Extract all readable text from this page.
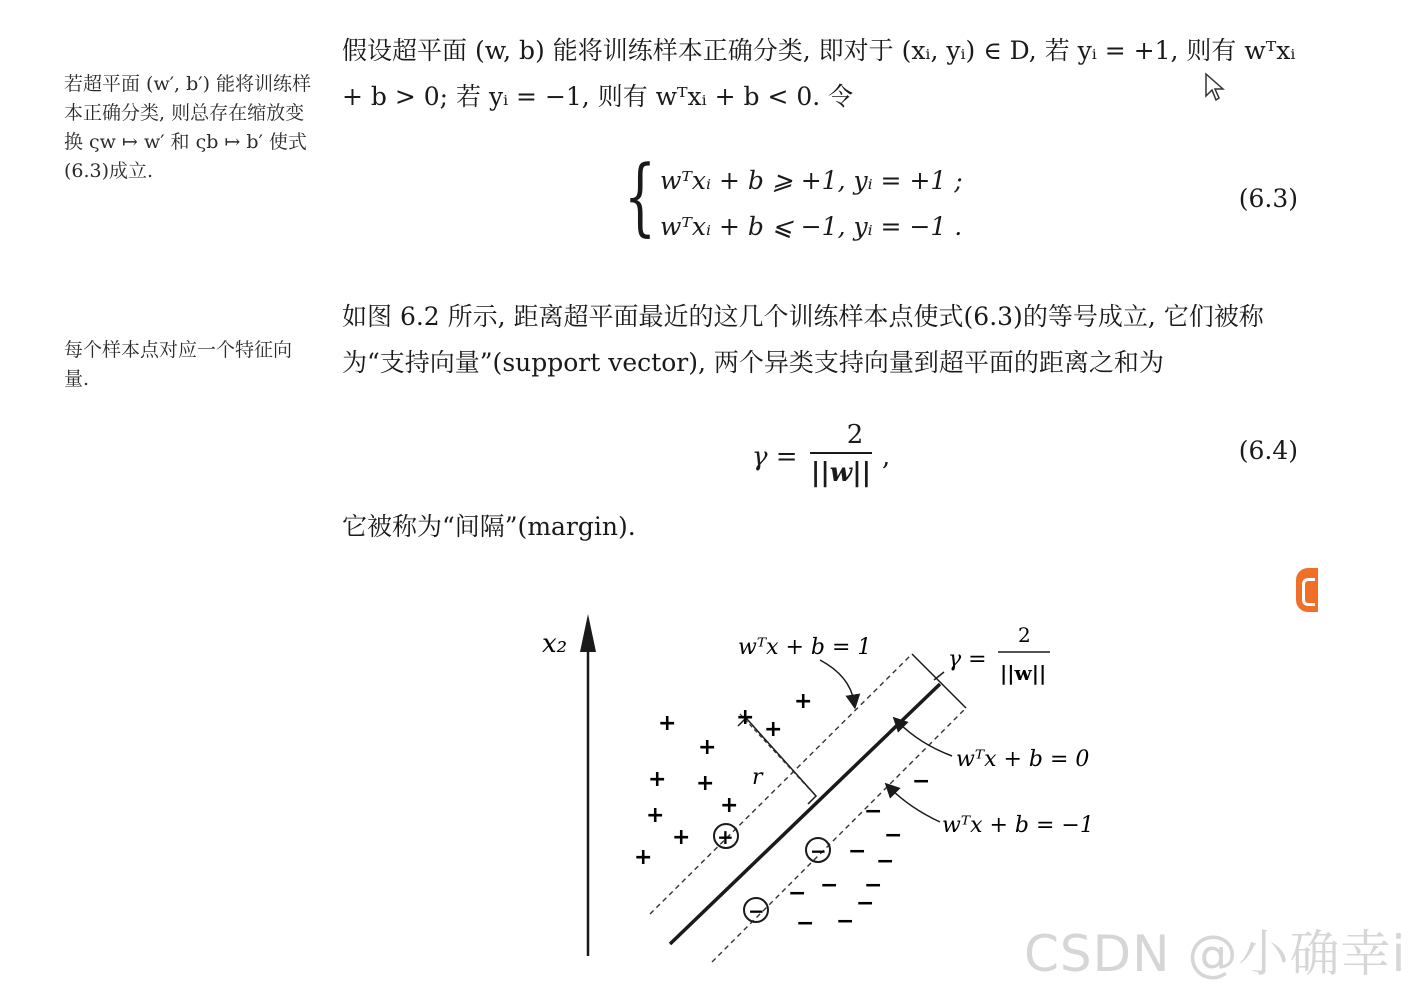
若超平面 (w′, b′) 能将训练样本正确分类, 则总存在缩放变换 ςw ↦ w′ 和 ςb ↦ b′ 使式(6.3)成立.
每个样本点对应一个特征向量.
假设超平面 (w, b) 能将训练样本正确分类, 即对于 (xᵢ, yᵢ) ∈ D, 若 yᵢ = +1, 则有 wᵀxᵢ + b > 0; 若 yᵢ = −1, 则有 wᵀxᵢ + b < 0. 令
{ wᵀxᵢ + b ⩾ +1, yᵢ = +1 ;
wᵀxᵢ + b ⩽ −1, yᵢ = −1 .
(6.3)
如图 6.2 所示, 距离超平面最近的这几个训练样本点使式(6.3)的等号成立, 它们被称为“支持向量”(support vector), 两个异类支持向量到超平面的距离之和为
γ =
2
||w||
,	(6.4)
它被称为“间隔”(margin).
x₂
r
wᵀx + b = 1
wᵀx + b = 0
wᵀx + b = −1
γ =
2
||w||
+	+ +
+
+
+ +
+
+
+
+
+
−
−
−
− −
− −
− −
−
−
−
−
CSDN @小确幸i
